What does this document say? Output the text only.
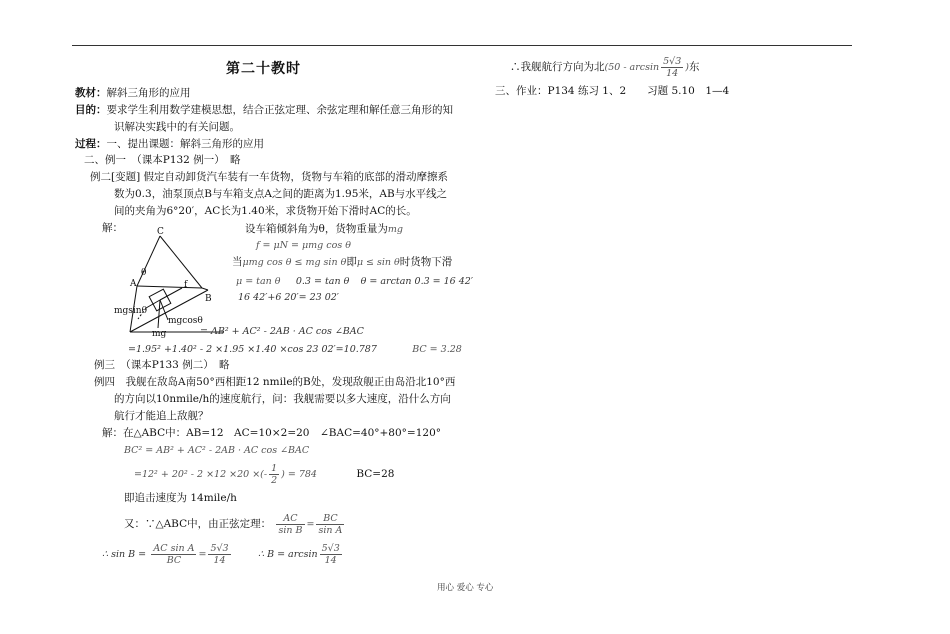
第二十教时
教材：解斜三角形的应用
目的：要求学生利用数学建模思想，结合正弦定理、余弦定理和解任意三角形的知
识解决实践中的有关问题。
过程：一、提出课题：解斜三角形的应用
二、例一　（课本P132 例一）　略
例二[变题] 假定自动卸货汽车装有一车货物，货物与车箱的底部的滑动摩擦系
数为0.3，油泵顶点B与车箱支点A之间的距离为1.95米，AB与水平线之
间的夹角为6°20′，AC长为1.40米，求货物开始下滑时AC的长。
解：	C
θ
A	f
B
mgsinθ
mgcosθ
mg
设车箱倾斜角为θ，货物重量为mg
f = μN = μmg cos θ
当μmg cos θ ≤ mg sin θ即μ ≤ sin θ时货物下滑
μ = tan θ 0.3 = tan θ θ = arctan 0.3 = 16 42′
16 42′+6 20′= 23 02′
= AB² + AC² - 2AB · AC cos ∠BAC
=1.95² +1.40² - 2 ×1.95 ×1.40 ×cos 23 02′=10.787	BC = 3.28
例三　（课本P133 例二）　略
例四　我舰在敌岛A南50°西相距12 nmile的B处，发现敌舰正由岛沿北10°西
的方向以10nmile/h的速度航行，问：我舰需要以多大速度，沿什么方向
航行才能追上敌舰？
解：在△ABC中：AB=12　AC=10×2=20　∠BAC=40°+80°=120°
BC² = AB² + AC² - 2AB · AC cos ∠BAC
=12² + 20² - 2 ×12 ×20 ×(- $\frac{1}{2}$ ) = 784	BC=28
即追击速度为 14mile/h
又：∵△ABC中，由正弦定理： $\frac{AC}{\text{sin B}} = \frac{BC}{\text{sin A}}$
∴ $\sin B = \frac{\text{AC sin A}}{BC} = \frac{5√3}{14}$	∴ $B = \arcsin \frac{5√3}{14}$
∴我舰航行方向为北($50 - \arcsin \frac{5√3}{14}$ )东
三、作业：P134 练习 1、2　　习题 5.10　1—4
用心 爱心 专心
